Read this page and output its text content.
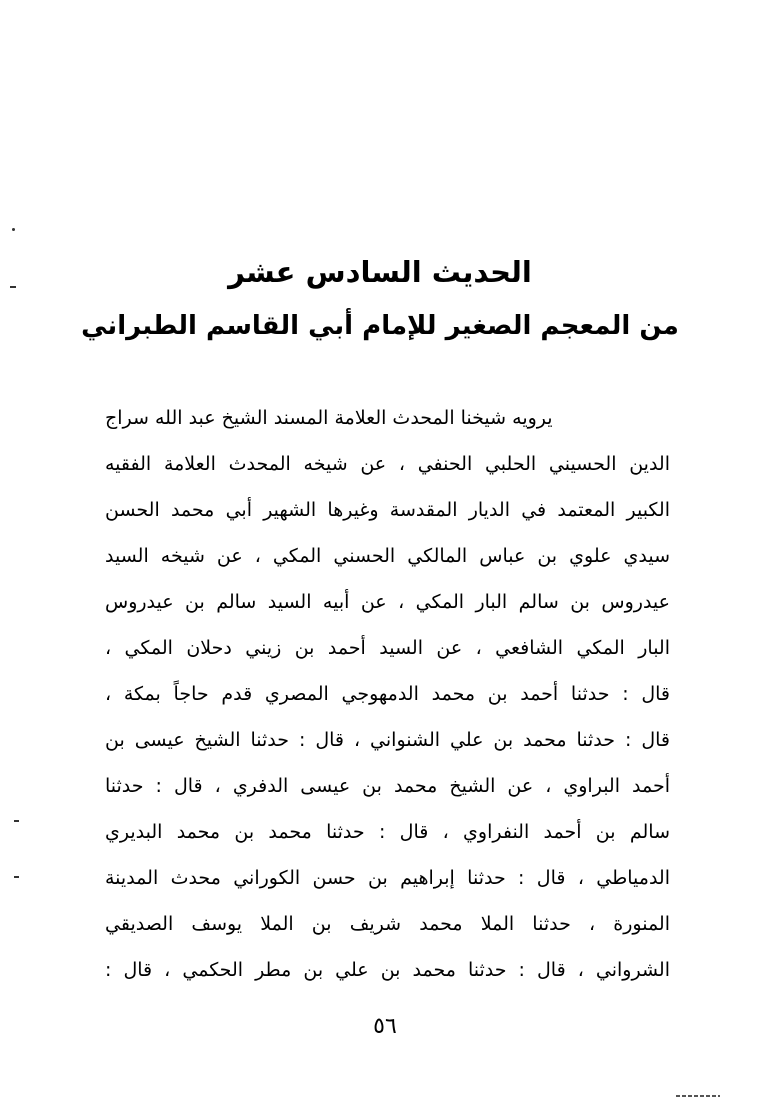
الحديث السادس عشر
من المعجم الصغير للإمام أبي القاسم الطبراني
يرويه شيخنا المحدث العلامة المسند الشيخ عبد الله سراج
الدين الحسيني الحلبي الحنفي ، عن شيخه المحدث العلامة الفقيه
الكبير المعتمد في الديار المقدسة وغيرها الشهير أبي محمد الحسن
سيدي علوي بن عباس المالكي الحسني المكي ، عن شيخه السيد
عيدروس بن سالم البار المكي ، عن أبيه السيد سالم بن عيدروس
البار المكي الشافعي ، عن السيد أحمد بن زيني دحلان المكي ،
قال : حدثنا أحمد بن محمد الدمهوجي المصري قدم حاجاً بمكة ،
قال : حدثنا محمد بن علي الشنواني ، قال : حدثنا الشيخ عيسى بن
أحمد البراوي ، عن الشيخ محمد بن عيسى الدفري ، قال : حدثنا
سالم بن أحمد النفراوي ، قال : حدثنا محمد بن محمد البديري
الدمياطي ، قال : حدثنا إبراهيم بن حسن الكوراني محدث المدينة
المنورة ، حدثنا الملا محمد شريف بن الملا يوسف الصديقي
الشرواني ، قال : حدثنا محمد بن علي بن مطر الحكمي ، قال :
٥٦
